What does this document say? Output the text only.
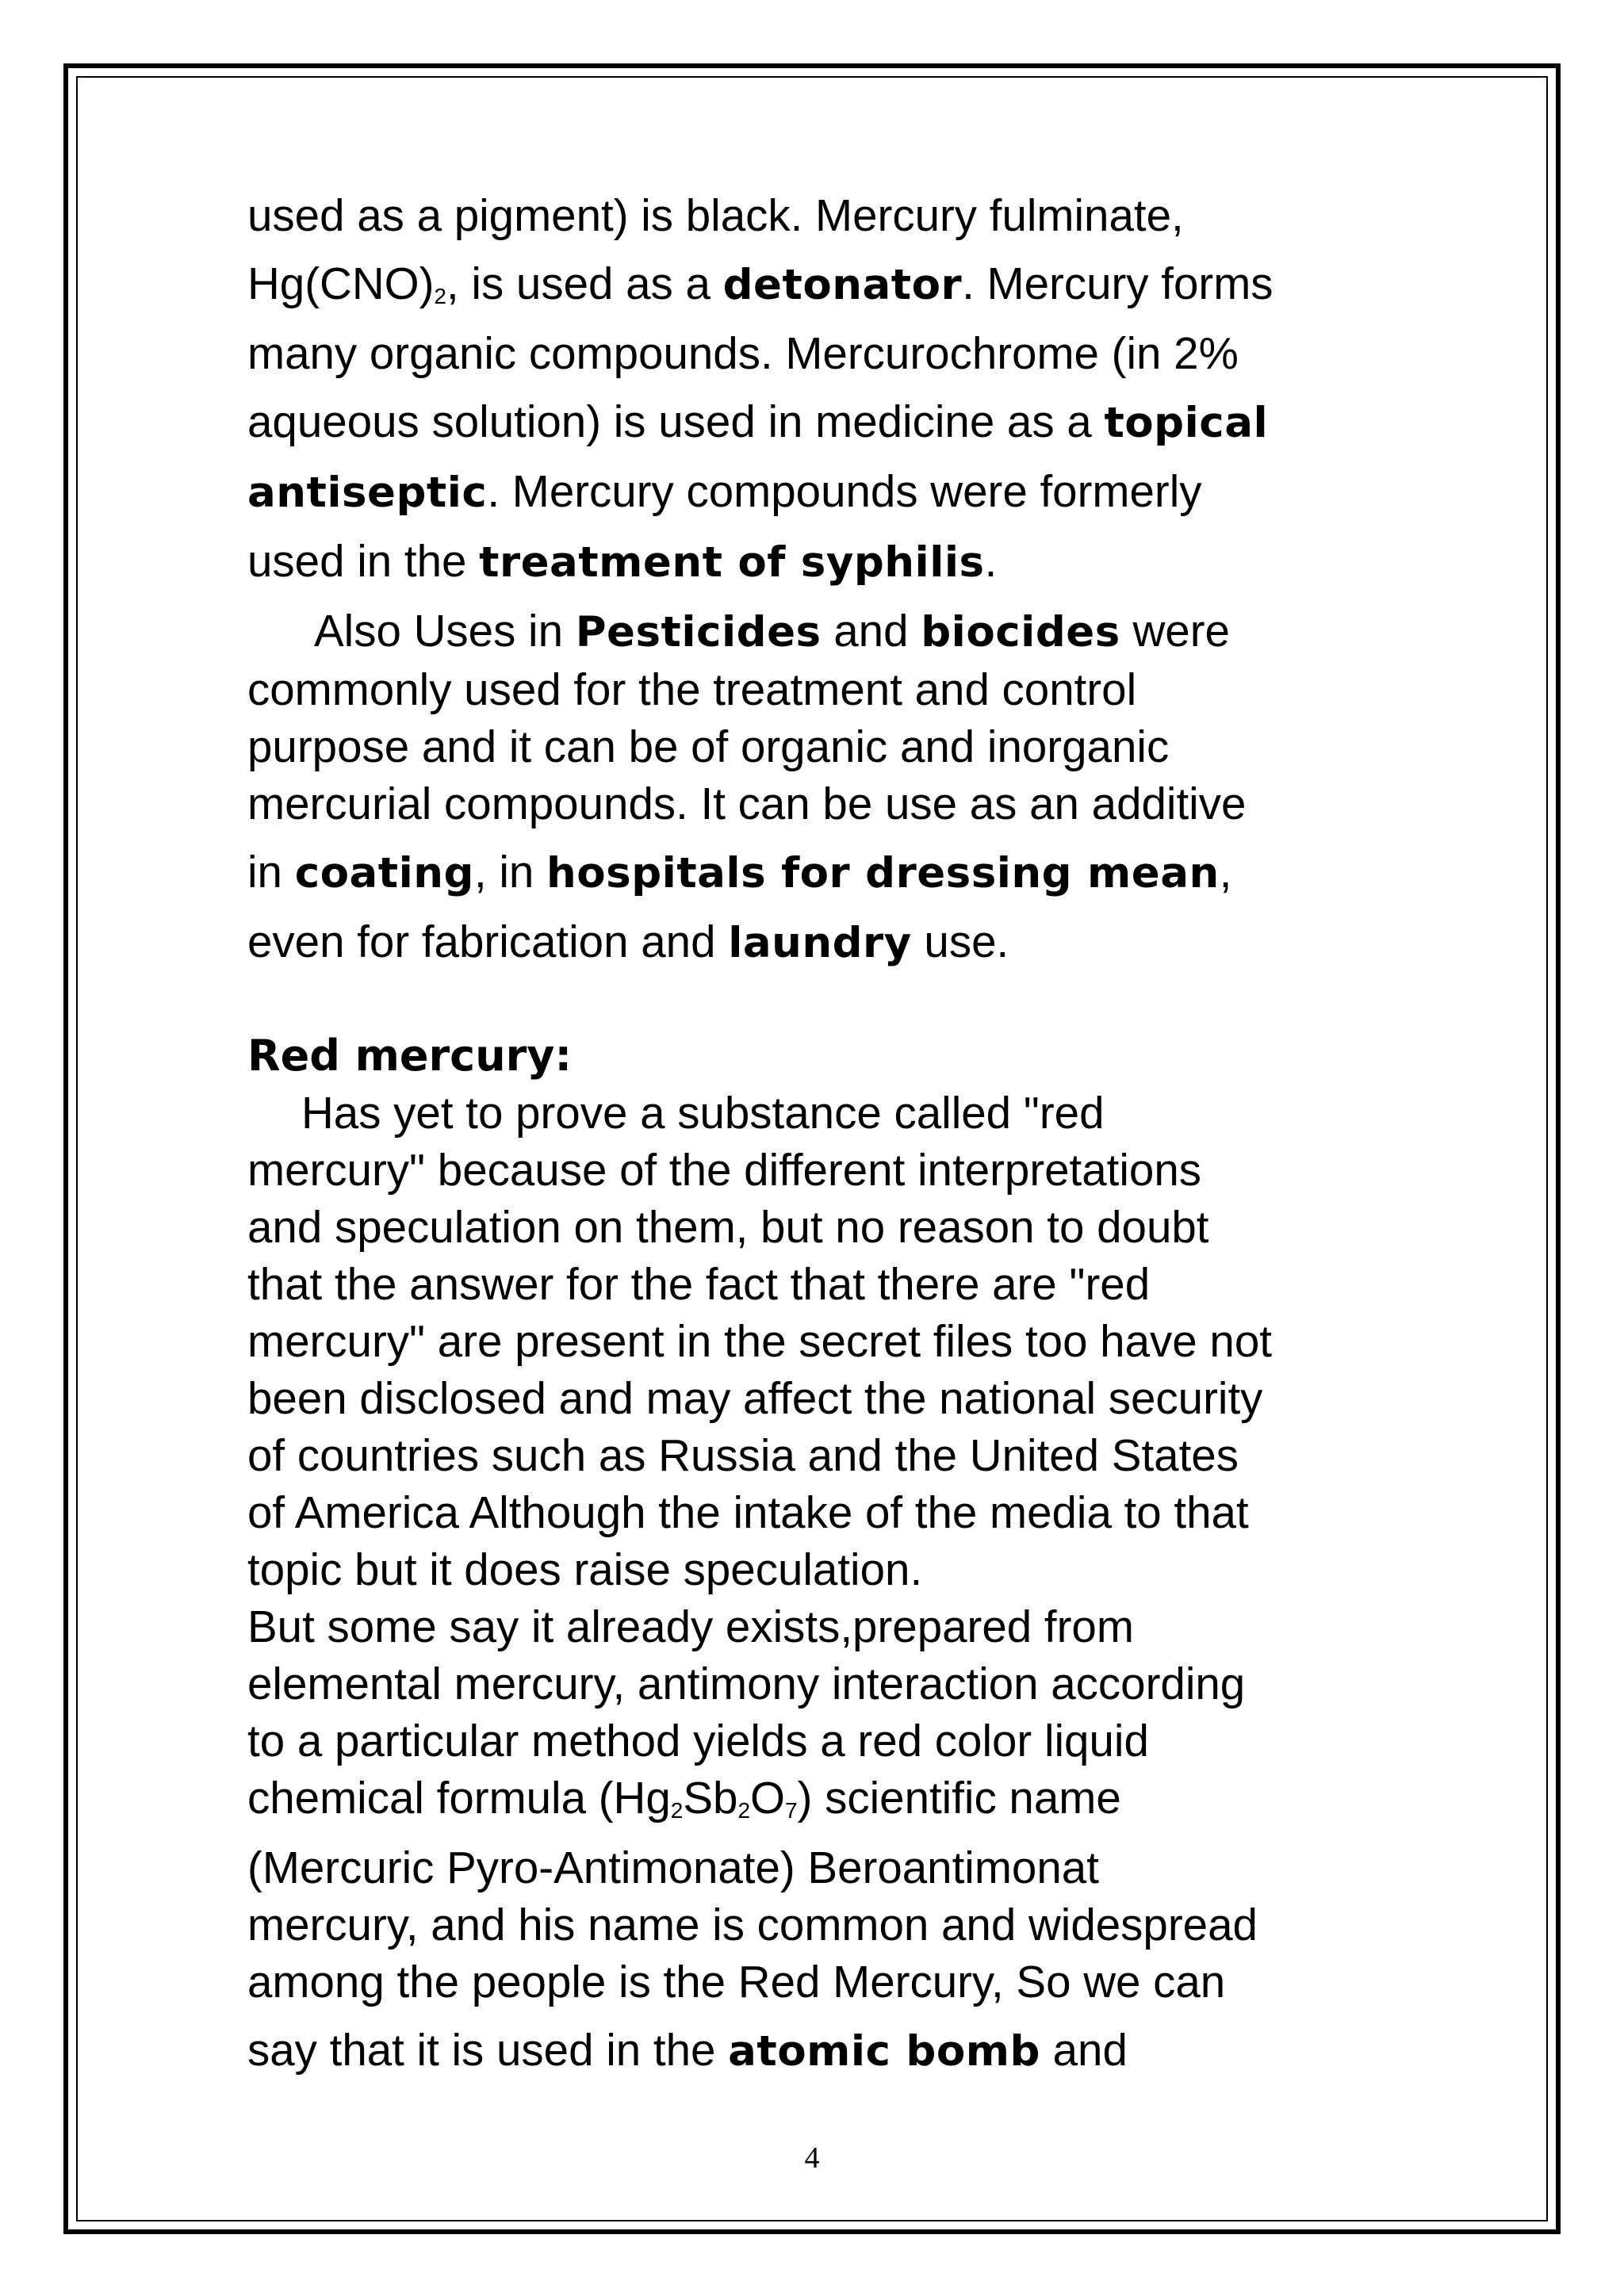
used as a pigment) is black. Mercury fulminate,
$Hg(CNO)_2$, is used as a detonator. Mercury forms
many organic compounds. Mercurochrome (in 2%
aqueous solution) is used in medicine as a topical
antiseptic. Mercury compounds were formerly
used in the treatment of syphilis.
Also Uses in Pesticides and biocides were
commonly used for the treatment and control
purpose and it can be of organic and inorganic
mercurial compounds. It can be use as an additive
in coating, in hospitals for dressing mean,
even for fabrication and laundry use.
Red mercury:
Has yet to prove a substance called "red
mercury" because of the different interpretations
and speculation on them, but no reason to doubt
that the answer for the fact that there are "red
mercury" are present in the secret files too have not
been disclosed and may affect the national security
of countries such as Russia and the United States
of America Although the intake of the media to that
topic but it does raise speculation.
But some say it already exists,prepared from
elemental mercury, antimony interaction according
to a particular method yields a red color liquid
chemical formula $(Hg_2Sb_2O_7)$ scientific name
(Mercuric Pyro-Antimonate) Beroantimonat
mercury, and his name is common and widespread
among the people is the Red Mercury, So we can
say that it is used in the atomic bomb and
4
